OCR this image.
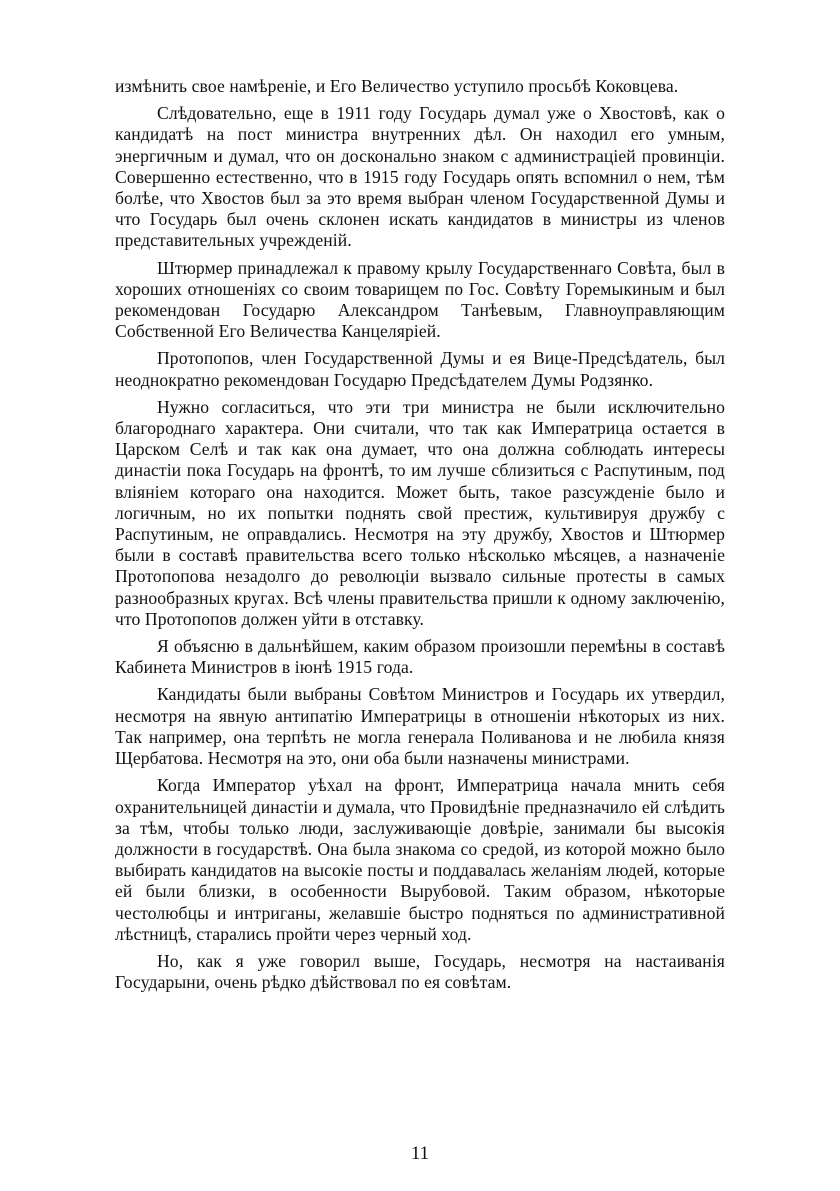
измѣнить свое намѣреніе, и Его Величество уступило просьбѣ Коковцева.

Слѣдовательно, еще в 1911 году Государь думал уже о Хвостовѣ, как о кандидатѣ на пост министра внутренних дѣл. Он находил его умным, энергичным и думал, что он досконально знаком с администраціей провинціи. Совершенно естественно, что в 1915 году Государь опять вспомнил о нем, тѣм болѣе, что Хвостов был за это время выбран членом Государственной Думы и что Государь был очень склонен искать кандидатов в министры из членов представительных учрежденій.

Штюрмер принадлежал к правому крылу Государственнаго Совѣта, был в хороших отношеніях со своим товарищем по Гос. Совѣту Горемыкиным и был рекомендован Государю Александром Танѣевым, Главноуправляющим Собственной Его Величества Канцеляріей.

Протопопов, член Государственной Думы и ея Вице-Предсѣдатель, был неоднократно рекомендован Государю Предсѣдателем Думы Родзянко.

Нужно согласиться, что эти три министра не были исключительно благороднаго характера. Они считали, что так как Императрица остается в Царском Селѣ и так как она думает, что она должна соблюдать интересы династіи пока Государь на фронтѣ, то им лучше сблизиться с Распутиным, под вліяніем котораго она находится. Может быть, такое разсужденіе было и логичным, но их попытки поднять свой престиж, культивируя дружбу с Распутиным, не оправдались. Несмотря на эту дружбу, Хвостов и Штюрмер были в составѣ правительства всего только нѣсколько мѣсяцев, а назначеніе Протопопова незадолго до революціи вызвало сильные протесты в самых разнообразных кругах. Всѣ члены правительства пришли к одному заключенію, что Протопопов должен уйти в отставку.

Я объясню в дальнѣйшем, каким образом произошли перемѣны в составѣ Кабинета Министров в іюнѣ 1915 года.

Кандидаты были выбраны Совѣтом Министров и Государь их утвердил, несмотря на явную антипатію Императрицы в отношеніи нѣкоторых из них. Так например, она терпѣть не могла генерала Поливанова и не любила князя Щербатова. Несмотря на это, они оба были назначены министрами.

Когда Император уѣхал на фронт, Императрица начала мнить себя охранительницей династіи и думала, что Провидѣніе предназначило ей слѣдить за тѣм, чтобы только люди, заслуживающіе довѣріе, занимали бы высокія должности в государствѣ. Она была знакома со средой, из которой можно было выбирать кандидатов на высокіе посты и поддавалась желаніям людей, которые ей были близки, в особенности Вырубовой. Таким образом, нѣкоторые честолюбцы и интриганы, желавшіе быстро подняться по административной лѣстницѣ, старались пройти через черный ход.

Но, как я уже говорил выше, Государь, несмотря на настаиванія Государыни, очень рѣдко дѣйствовал по ея совѣтам.

11
